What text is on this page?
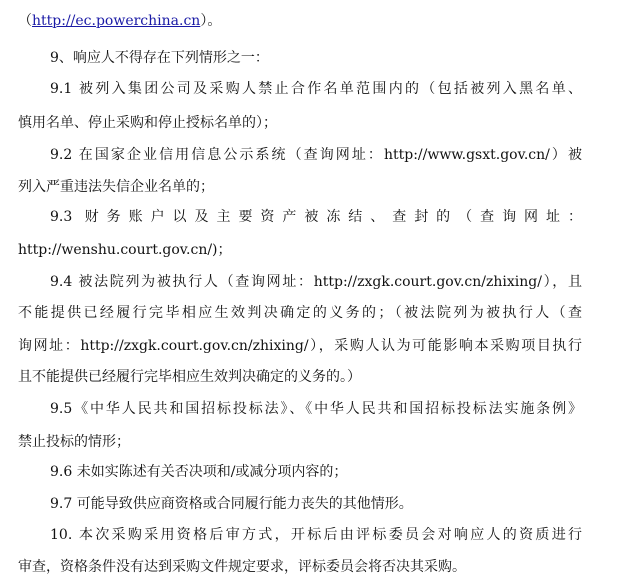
（http://ec.powerchina.cn）。
9、响应人不得存在下列情形之一：
9.1 被列入集团公司及采购人禁止合作名单范围内的（包括被列入黑名单、
慎用名单、停止采购和停止授标名单的）；
9.2 在国家企业信用信息公示系统（查询网址：http://www.gsxt.gov.cn/）被
列入严重违法失信企业名单的；
9.3 财务账户以及主要资产被冻结、查封的（查询网址：
http://wenshu.court.gov.cn/)；
9.4 被法院列为被执行人（查询网址：http://zxgk.court.gov.cn/zhixing/），且
不能提供已经履行完毕相应生效判决确定的义务的；（被法院列为被执行人（查
询网址：http://zxgk.court.gov.cn/zhixing/），采购人认为可能影响本采购项目执行
且不能提供已经履行完毕相应生效判决确定的义务的。）
9.5《中华人民共和国招标投标法》、《中华人民共和国招标投标法实施条例》
禁止投标的情形；
9.6 未如实陈述有关否决项和/或减分项内容的；
9.7 可能导致供应商资格或合同履行能力丧失的其他情形。
10. 本次采购采用资格后审方式，开标后由评标委员会对响应人的资质进行
审查，资格条件没有达到采购文件规定要求，评标委员会将否决其采购。
